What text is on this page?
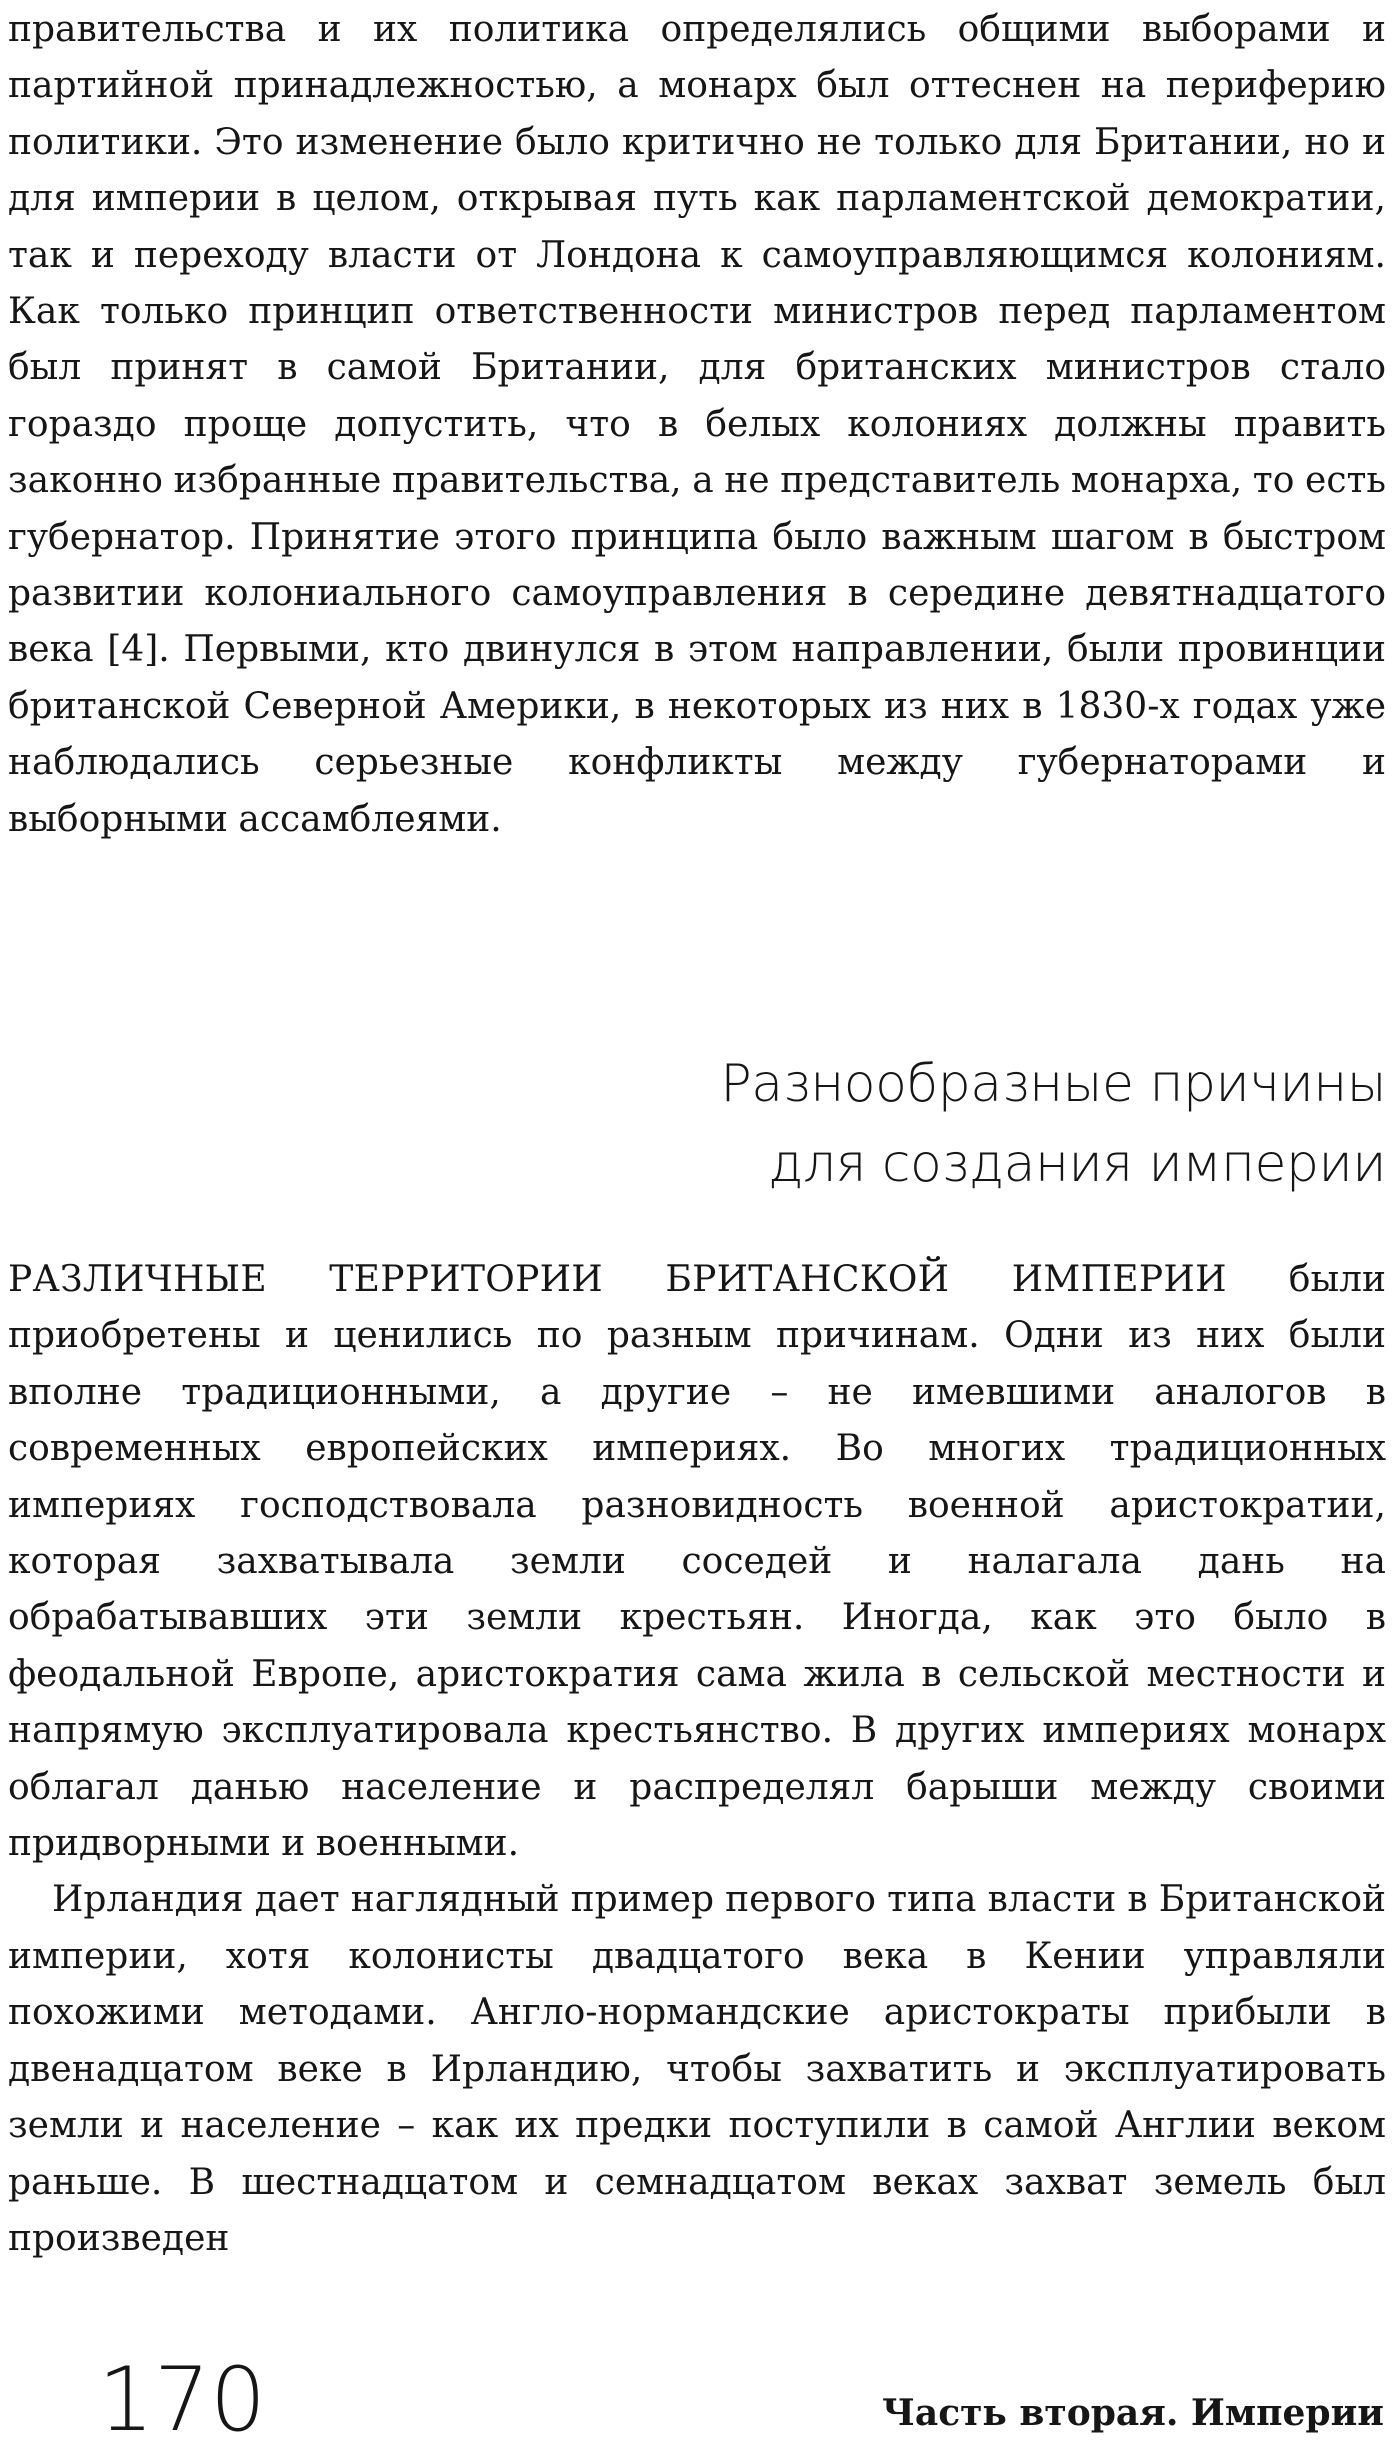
правительства и их политика определялись общими выборами и партийной принадлежностью, а монарх был оттеснен на периферию политики. Это изменение было критично не только для Британии, но и для империи в целом, открывая путь как парламентской демократии, так и переходу власти от Лондона к самоуправляющимся колониям. Как только принцип ответственности министров перед парламентом был принят в самой Британии, для британских министров стало гораздо проще допустить, что в белых колониях должны править законно избранные правительства, а не представитель монарха, то есть губернатор. Принятие этого принципа было важным шагом в быстром развитии колониального самоуправления в середине девятнадцатого века [4]. Первыми, кто двинулся в этом направлении, были провинции британской Северной Америки, в некоторых из них в 1830-х годах уже наблюдались серьезные конфликты между губернаторами и выборными ассамблеями.

Разнообразные причины
для создания империи

РАЗЛИЧНЫЕ ТЕРРИТОРИИ БРИТАНСКОЙ ИМПЕРИИ были приобретены и ценились по разным причинам. Одни из них были вполне традиционными, а другие – не имевшими аналогов в современных европейских империях. Во многих традиционных империях господствовала разновидность военной аристократии, которая захватывала земли соседей и налагала дань на обрабатывавших эти земли крестьян. Иногда, как это было в феодальной Европе, аристократия сама жила в сельской местности и напрямую эксплуатировала крестьянство. В других империях монарх облагал данью население и распределял барыши между своими придворными и военными.

Ирландия дает наглядный пример первого типа власти в Британской империи, хотя колонисты двадцатого века в Кении управляли похожими методами. Англо-нормандские аристократы прибыли в двенадцатом веке в Ирландию, чтобы захватить и эксплуатировать земли и население – как их предки поступили в самой Англии веком раньше. В шестнадцатом и семнадцатом веках захват земель был произведен

170	Часть вторая. Империи
